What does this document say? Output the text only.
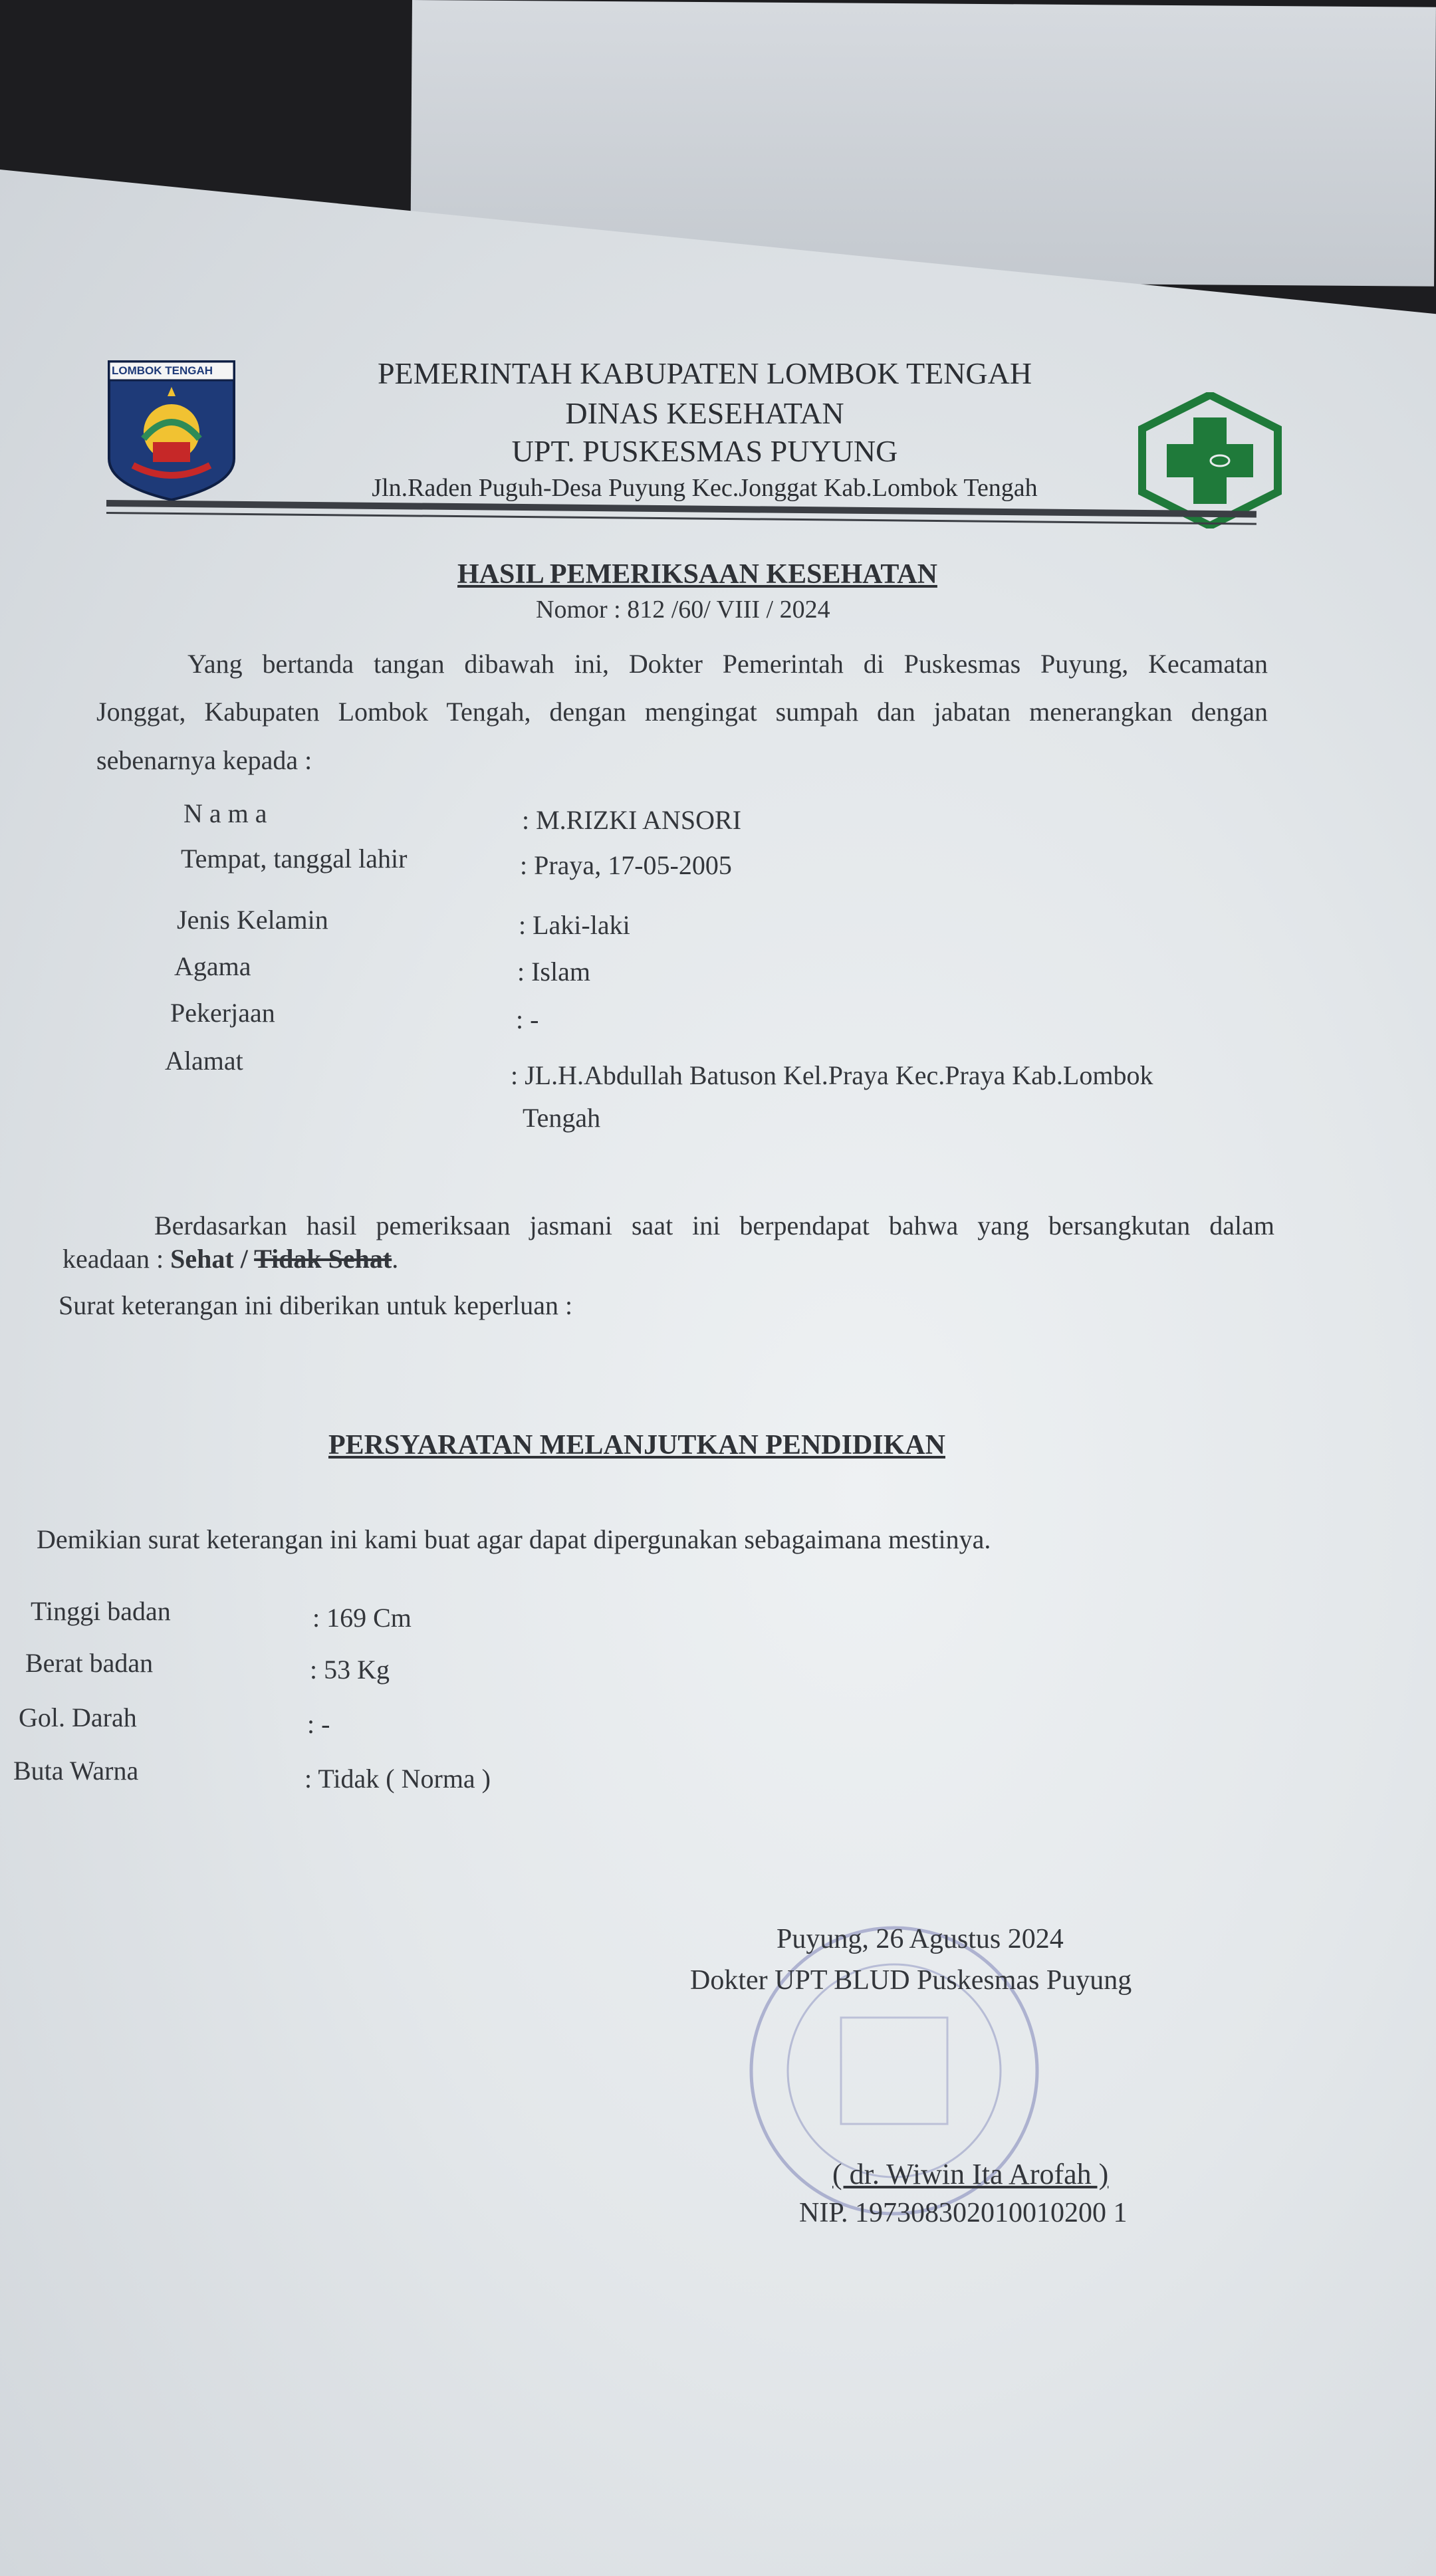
LOMBOK TENGAH	PEMERINTAH KABUPATEN LOMBOK TENGAH
DINAS KESEHATAN
UPT. PUSKESMAS PUYUNG
Jln.Raden Puguh-Desa Puyung Kec.Jonggat Kab.Lombok Tengah
HASIL PEMERIKSAAN KESEHATAN
Nomor : 812 /60/ VIII / 2024
Yang bertanda tangan dibawah ini, Dokter Pemerintah di Puskesmas Puyung, Kecamatan
Jonggat, Kabupaten Lombok Tengah, dengan mengingat sumpah dan jabatan menerangkan dengan
sebenarnya kepada :
N a m a	: M.RIZKI ANSORI
Tempat, tanggal lahir	: Praya, 17-05-2005
Jenis Kelamin	: Laki-laki
Agama	: Islam
Pekerjaan	: -
Alamat	: JL.H.Abdullah Batuson Kel.Praya Kec.Praya Kab.Lombok
Tengah
Berdasarkan hasil pemeriksaan jasmani saat ini berpendapat bahwa yang bersangkutan dalam
keadaan : Sehat / Tidak Sehat.
Surat keterangan ini diberikan untuk keperluan :
PERSYARATAN MELANJUTKAN PENDIDIKAN
Demikian surat keterangan ini kami buat agar dapat dipergunakan sebagaimana mestinya.
Tinggi badan	: 169 Cm
Berat badan	: 53 Kg
Gol. Darah	: -
Buta Warna	: Tidak ( Norma )
Puyung, 26 Agustus 2024
Dokter UPT BLUD Puskesmas Puyung
( dr. Wiwin Ita Arofah )
NIP. 197308302010010200 1
